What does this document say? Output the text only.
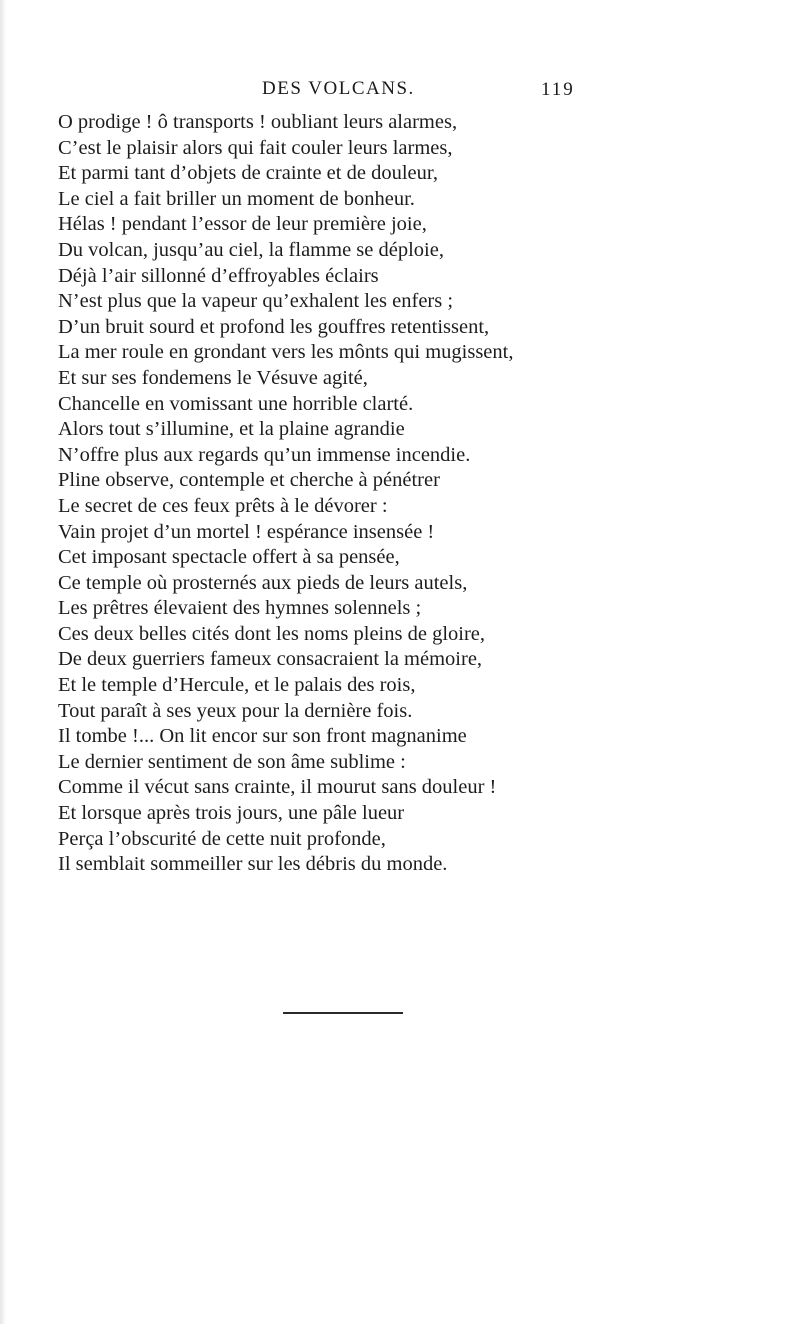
DES VOLCANS.	119
O prodige ! ô transports ! oubliant leurs alarmes,
C’est le plaisir alors qui fait couler leurs larmes,
Et parmi tant d’objets de crainte et de douleur,
Le ciel a fait briller un moment de bonheur.
Hélas ! pendant l’essor de leur première joie,
Du volcan, jusqu’au ciel, la flamme se déploie,
Déjà l’air sillonné d’effroyables éclairs
N’est plus que la vapeur qu’exhalent les enfers ;
D’un bruit sourd et profond les gouffres retentissent,
La mer roule en grondant vers les mônts qui mugissent,
Et sur ses fondemens le Vésuve agité,
Chancelle en vomissant une horrible clarté.
Alors tout s’illumine, et la plaine agrandie
N’offre plus aux regards qu’un immense incendie.
Pline observe, contemple et cherche à pénétrer
Le secret de ces feux prêts à le dévorer :
Vain projet d’un mortel ! espérance insensée !
Cet imposant spectacle offert à sa pensée,
Ce temple où prosternés aux pieds de leurs autels,
Les prêtres élevaient des hymnes solennels ;
Ces deux belles cités dont les noms pleins de gloire,
De deux guerriers fameux consacraient la mémoire,
Et le temple d’Hercule, et le palais des rois,
Tout paraît à ses yeux pour la dernière fois.
Il tombe !... On lit encor sur son front magnanime
Le dernier sentiment de son âme sublime :
Comme il vécut sans crainte, il mourut sans douleur !
Et lorsque après trois jours, une pâle lueur
Perça l’obscurité de cette nuit profonde,
Il semblait sommeiller sur les débris du monde.
